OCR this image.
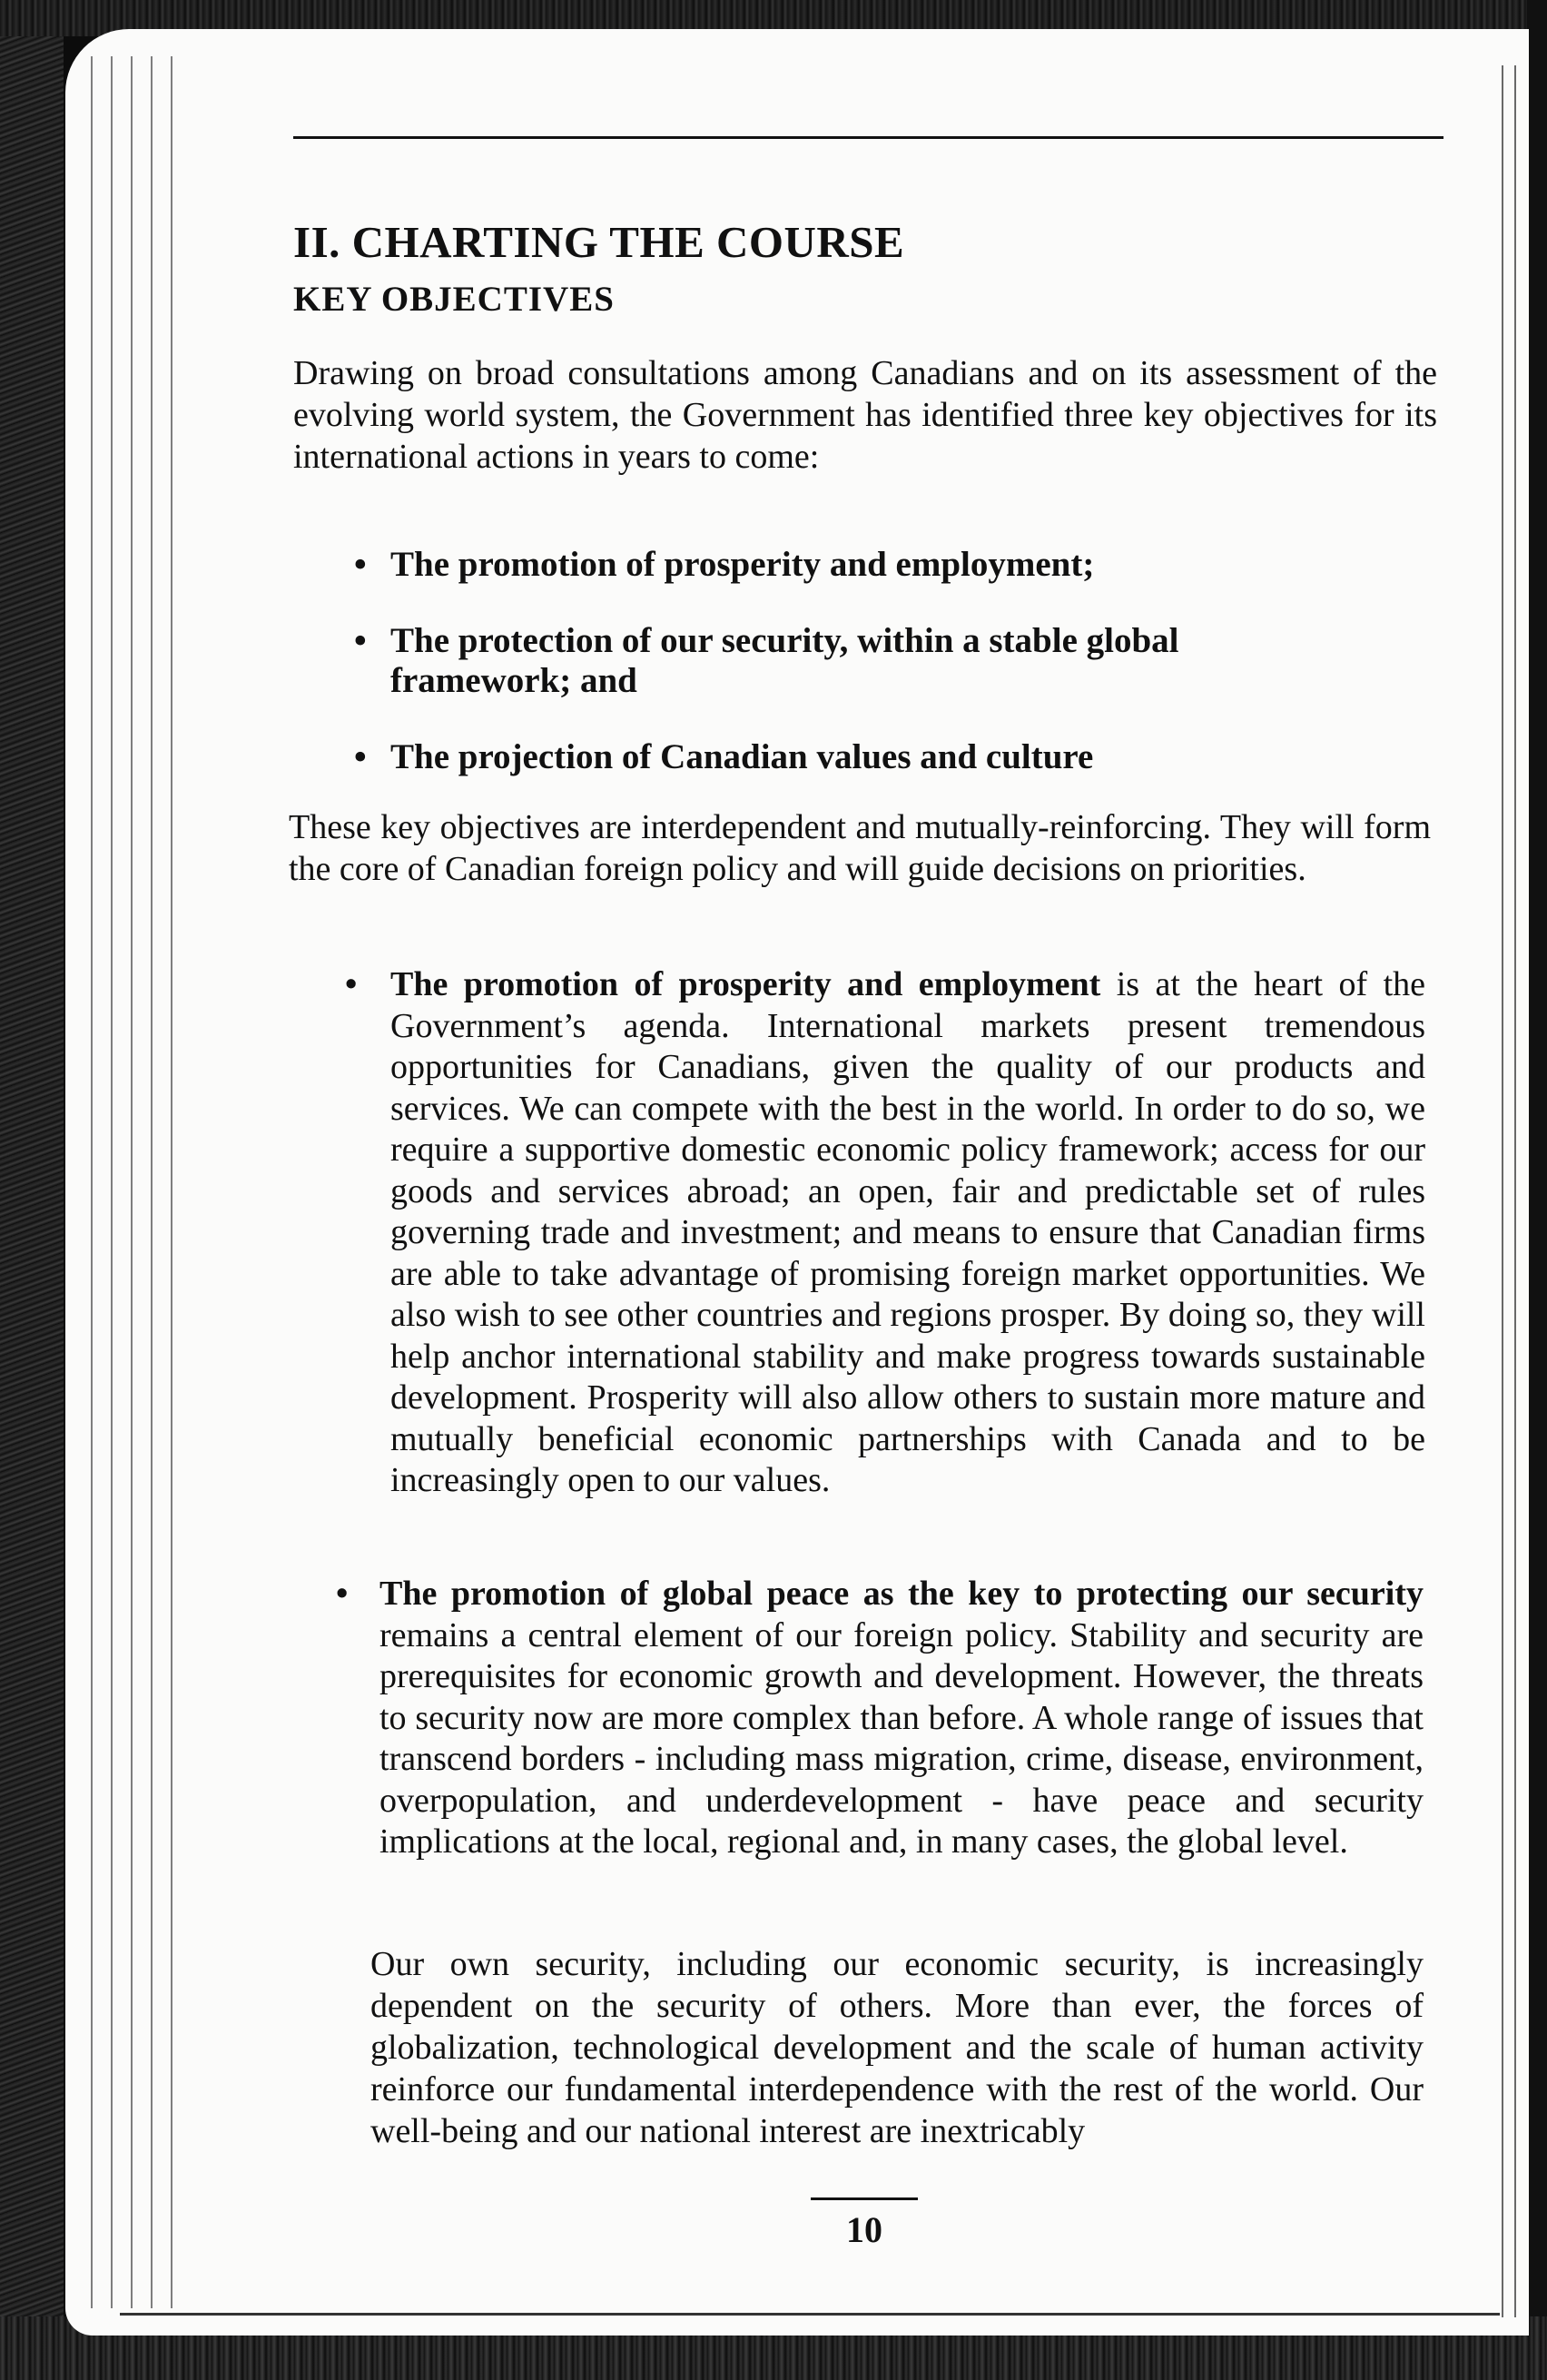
II. CHARTING THE COURSE
KEY OBJECTIVES

Drawing on broad consultations among Canadians and on its assessment of the evolving world system, the Government has identified three key objectives for its international actions in years to come:

• The promotion of prosperity and employment;
• The protection of our security, within a stable global framework; and
• The projection of Canadian values and culture

These key objectives are interdependent and mutually-reinforcing. They will form the core of Canadian foreign policy and will guide decisions on priorities.

• The promotion of prosperity and employment is at the heart of the Government’s agenda. International markets present tremendous opportunities for Canadians, given the quality of our products and services. We can compete with the best in the world. In order to do so, we require a supportive domestic economic policy framework; access for our goods and services abroad; an open, fair and predictable set of rules governing trade and investment; and means to ensure that Canadian firms are able to take advantage of promising foreign market opportunities. We also wish to see other countries and regions prosper. By doing so, they will help anchor international stability and make progress towards sustainable development. Prosperity will also allow others to sustain more mature and mutually beneficial economic partnerships with Canada and to be increasingly open to our values.
• The promotion of global peace as the key to protecting our security remains a central element of our foreign policy. Stability and security are prerequisites for economic growth and development. However, the threats to security now are more complex than before. A whole range of issues that transcend borders - including mass migration, crime, disease, environment, overpopulation, and underdevelopment - have peace and security implications at the local, regional and, in many cases, the global level.

Our own security, including our economic security, is increasingly dependent on the security of others. More than ever, the forces of globalization, technological development and the scale of human activity reinforce our fundamental interdependence with the rest of the world. Our well-being and our national interest are inextricably

10
